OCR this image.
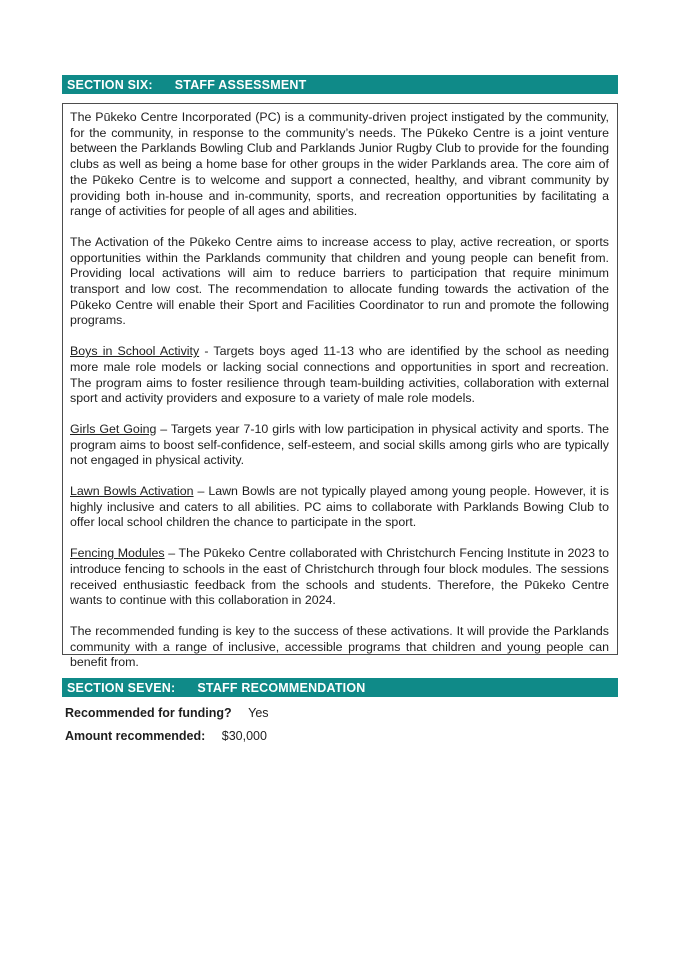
SECTION SIX: STAFF ASSESSMENT

The Pūkeko Centre Incorporated (PC) is a community-driven project instigated by the community, for the community, in response to the community’s needs. The Pūkeko Centre is a joint venture between the Parklands Bowling Club and Parklands Junior Rugby Club to provide for the founding clubs as well as being a home base for other groups in the wider Parklands area. The core aim of the Pūkeko Centre is to welcome and support a connected, healthy, and vibrant community by providing both in-house and in-community, sports, and recreation opportunities by facilitating a range of activities for people of all ages and abilities.

The Activation of the Pūkeko Centre aims to increase access to play, active recreation, or sports opportunities within the Parklands community that children and young people can benefit from. Providing local activations will aim to reduce barriers to participation that require minimum transport and low cost. The recommendation to allocate funding towards the activation of the Pūkeko Centre will enable their Sport and Facilities Coordinator to run and promote the following programs.

Boys in School Activity - Targets boys aged 11-13 who are identified by the school as needing more male role models or lacking social connections and opportunities in sport and recreation. The program aims to foster resilience through team-building activities, collaboration with external sport and activity providers and exposure to a variety of male role models.

Girls Get Going – Targets year 7-10 girls with low participation in physical activity and sports. The program aims to boost self-confidence, self-esteem, and social skills among girls who are typically not engaged in physical activity.

Lawn Bowls Activation – Lawn Bowls are not typically played among young people. However, it is highly inclusive and caters to all abilities. PC aims to collaborate with Parklands Bowing Club to offer local school children the chance to participate in the sport.

Fencing Modules – The Pūkeko Centre collaborated with Christchurch Fencing Institute in 2023 to introduce fencing to schools in the east of Christchurch through four block modules. The sessions received enthusiastic feedback from the schools and students. Therefore, the Pūkeko Centre wants to continue with this collaboration in 2024.

The recommended funding is key to the success of these activations. It will provide the Parklands community with a range of inclusive, accessible programs that children and young people can benefit from.

SECTION SEVEN: STAFF RECOMMENDATION
Recommended for funding? Yes
Amount recommended: $30,000
